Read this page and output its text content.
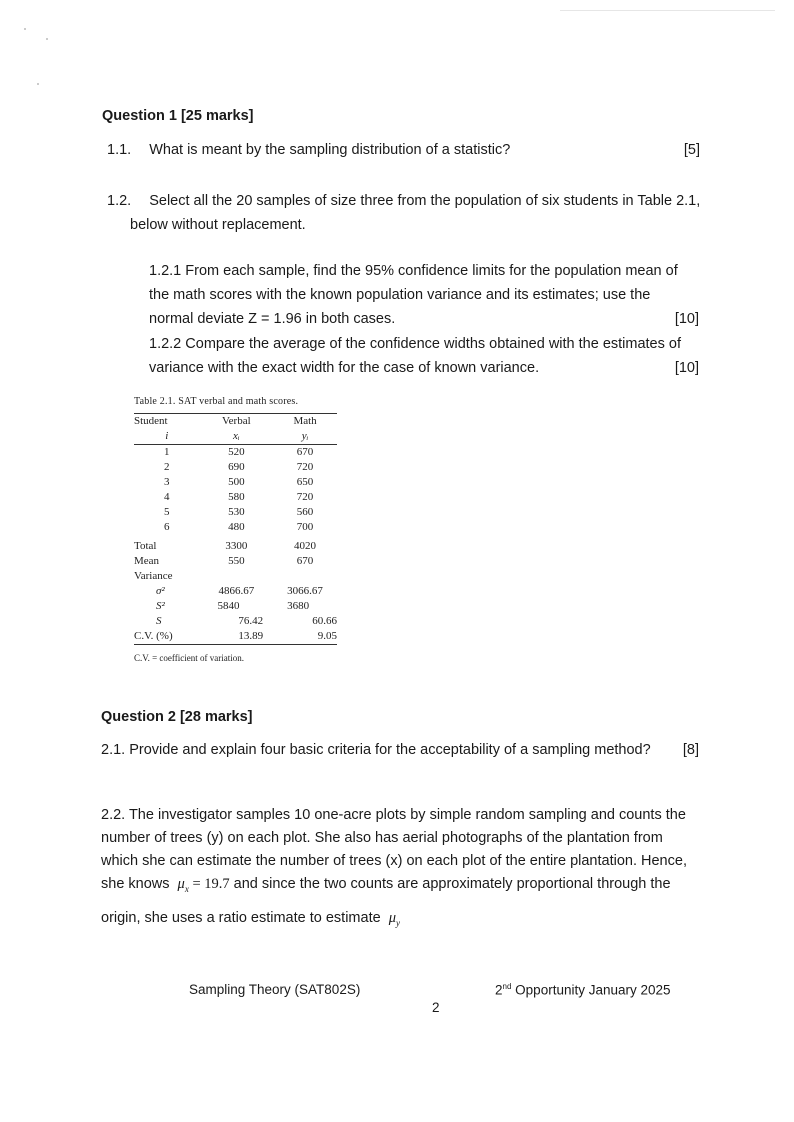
Question 1 [25 marks]
1.1. What is meant by the sampling distribution of a statistic?	[5]
1.2. Select all the 20 samples of size three from the population of six students in Table 2.1,
below without replacement.
1.2.1 From each sample, find the 95% confidence limits for the population mean of
the math scores with the known population variance and its estimates; use the
normal deviate Z = 1.96 in both cases.	[10]
1.2.2 Compare the average of the confidence widths obtained with the estimates of
variance with the exact width for the case of known variance.	[10]
Table 2.1. SAT verbal and math scores.
Student	Verbal	Math
i	xᵢ	yᵢ
1	520	670
2	690	720
3	500	650
4	580	720
5	530	560
6	480	700
Total	3300	4020
Mean	550	670
Variance		
σ²	4866.67	3066.67
S²	5840	3680
S	76.42	60.66
C.V. (%)	13.89	9.05
C.V. = coefficient of variation.
Question 2 [28 marks]
2.1. Provide and explain four basic criteria for the acceptability of a sampling method? [8]
2.2. The investigator samples 10 one-acre plots by simple random sampling and counts the
number of trees (y) on each plot. She also has aerial photographs of the plantation from
which she can estimate the number of trees (x) on each plot of the entire plantation. Hence,
she knows $\mu_x = 19.7$ and since the two counts are approximately proportional through the
origin, she uses a ratio estimate to estimate $\mu_y$
Sampling Theory (SAT802S)	2nd Opportunity January 2025
2
